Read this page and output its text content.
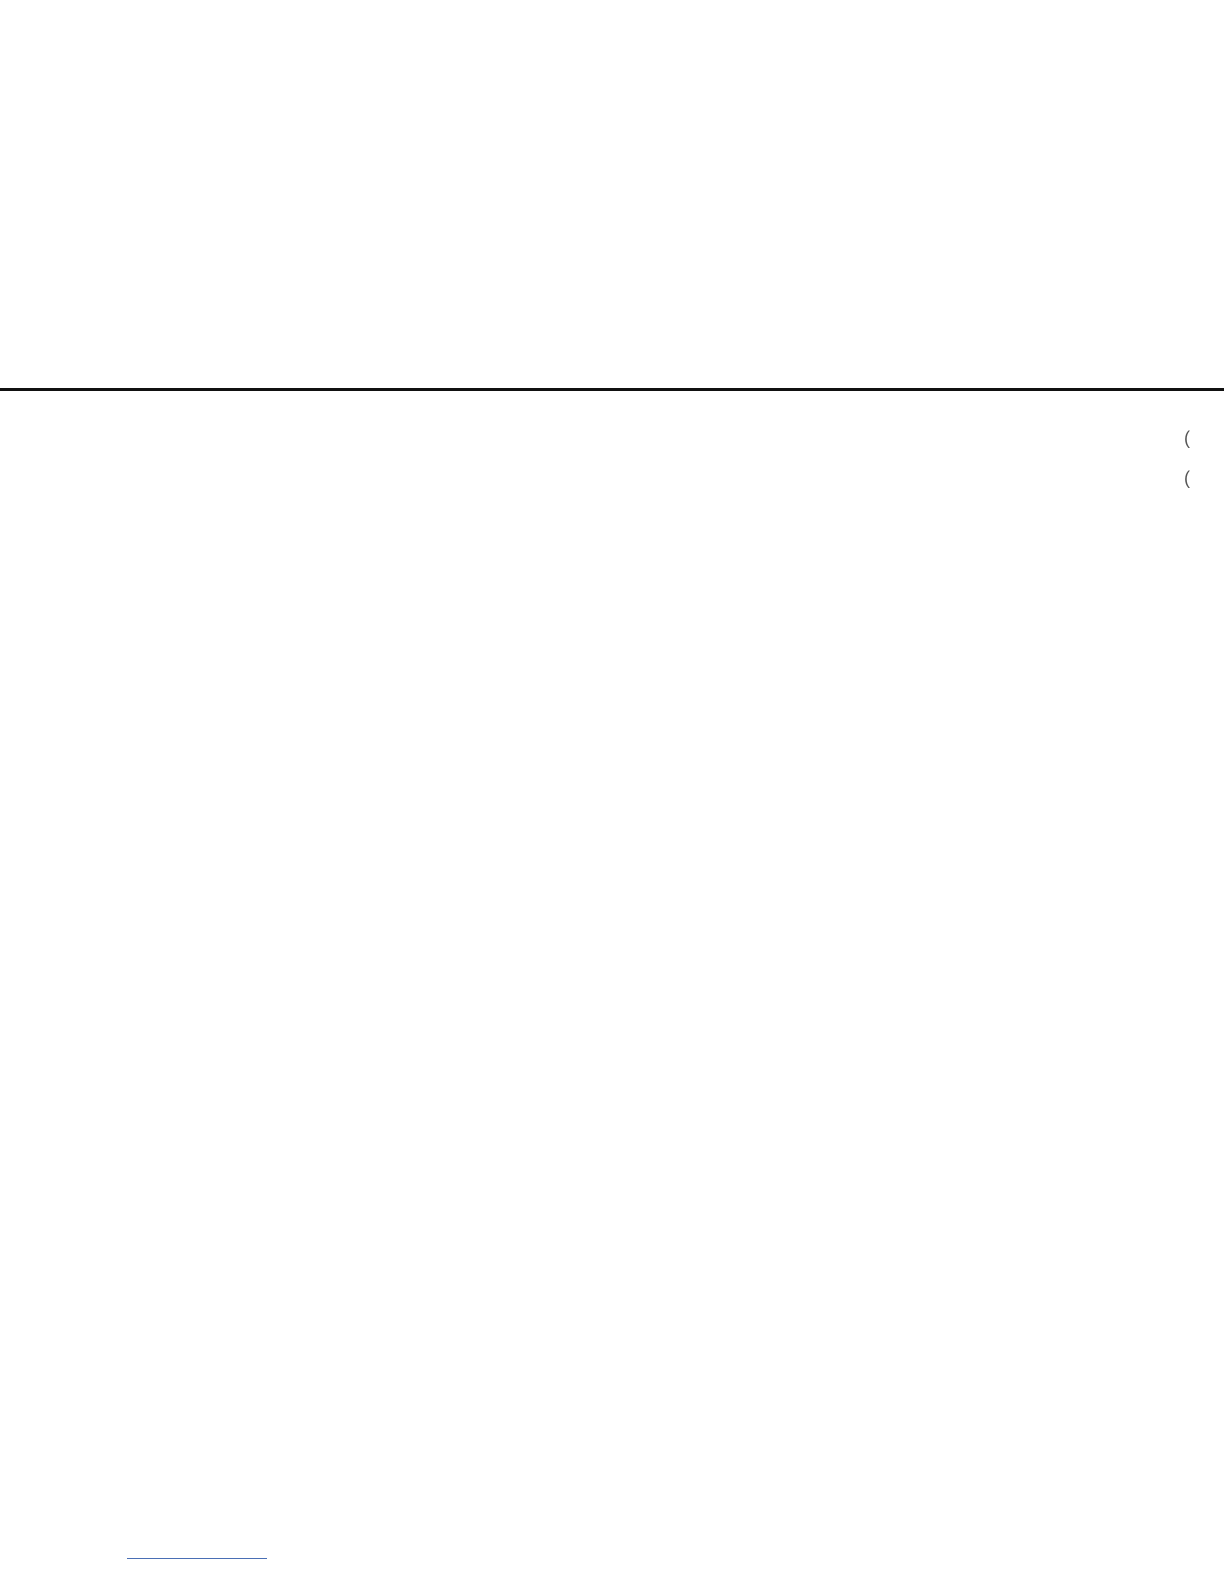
(
(
